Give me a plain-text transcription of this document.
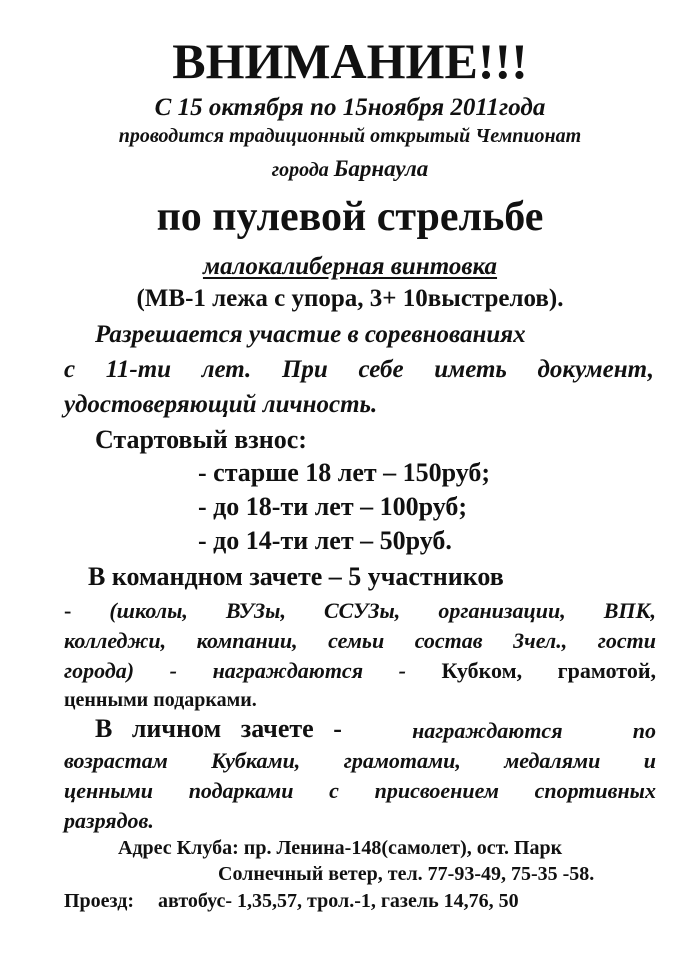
ВНИМАНИЕ!!!
С 15 октября по 15ноября 2011года
проводится традиционный открытый Чемпионат
города Барнаула
по пулевой стрельбе
малокалиберная винтовка
(МВ-1 лежа с упора, 3+ 10выстрелов).
Разрешается участие в соревнованиях
с 11-ти лет. При себе иметь документ,
удостоверяющий личность.
Стартовый взнос:
- старше 18 лет – 150руб;
- до 18-ти лет – 100руб;
- до 14-ти лет – 50руб.
В командном зачете – 5 участников
- (школы, ВУЗы, ССУЗы, организации, ВПК,
колледжи, компании, семьи состав 3чел., гости
города) - награждаются - Кубком, грамотой,
ценными подарками.
В   личном   зачете   -	награждаются	по
возрастам Кубками, грамотами, медалями и
ценными подарками с присвоением спортивных
разрядов.
Адрес Клуба: пр. Ленина-148(самолет), ост. Парк
Солнечный ветер, тел. 77-93-49, 75-35 -58.
Проезд: автобус- 1,35,57, трол.-1, газель 14,76, 50
